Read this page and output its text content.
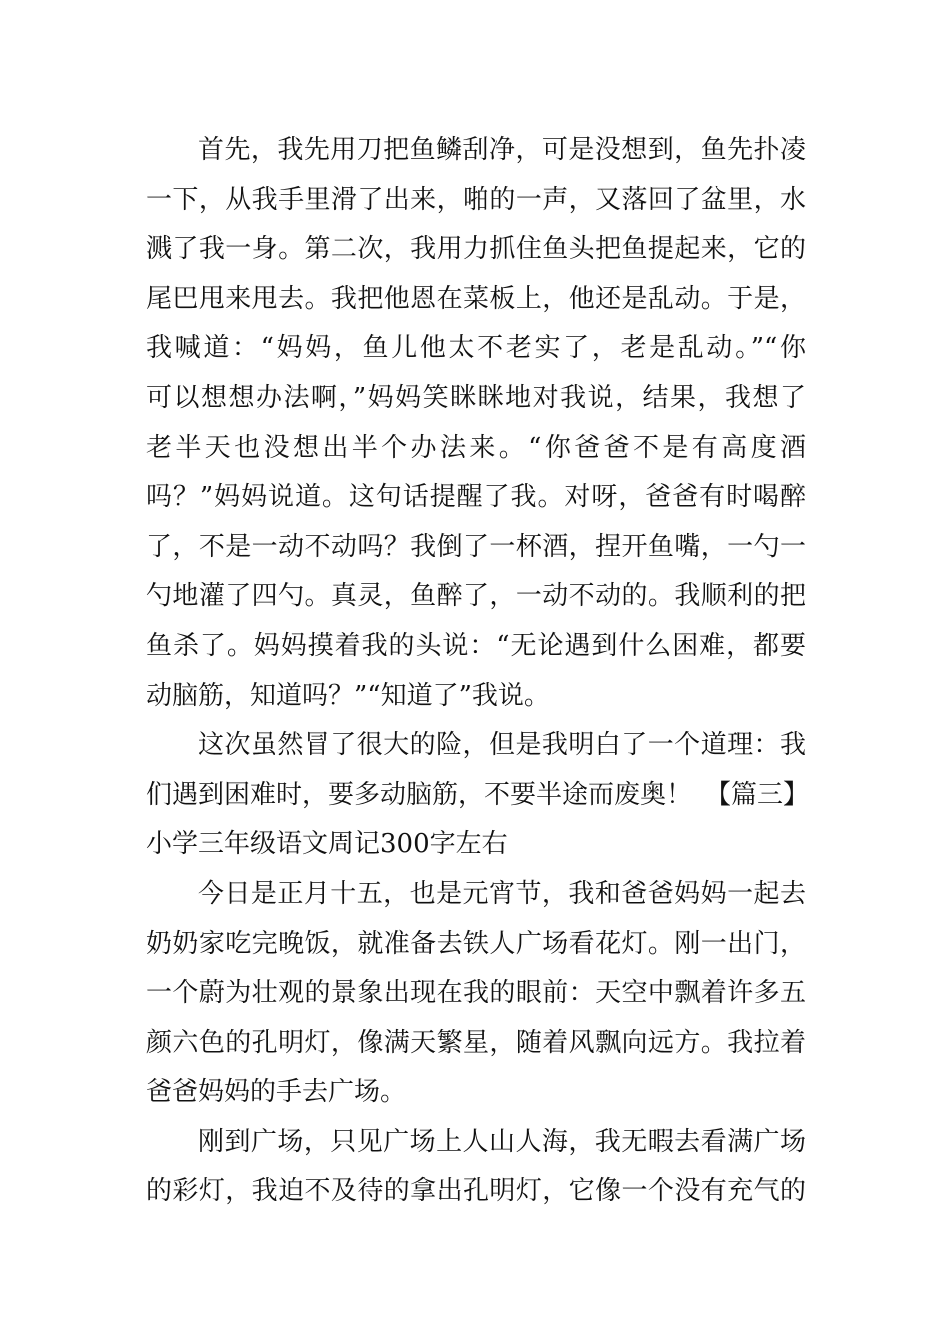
首先，我先用刀把鱼鳞刮净，可是没想到，鱼先扑凌
一下，从我手里滑了出来，啪的一声，又落回了盆里，水
溅了我一身。第二次，我用力抓住鱼头把鱼提起来，它的
尾巴甩来甩去。我把他恩在菜板上，他还是乱动。于是，
我喊道：“妈妈，鱼儿他太不老实了，老是乱动。”“你
可以想想办法啊，”妈妈笑眯眯地对我说，结果，我想了
老半天也没想出半个办法来。“你爸爸不是有高度酒
吗？”妈妈说道。这句话提醒了我。对呀，爸爸有时喝醉
了，不是一动不动吗？我倒了一杯酒，捏开鱼嘴，一勺一
勺地灌了四勺。真灵，鱼醉了，一动不动的。我顺利的把
鱼杀了。妈妈摸着我的头说：“无论遇到什么困难，都要
动脑筋，知道吗？”“知道了”我说。
这次虽然冒了很大的险，但是我明白了一个道理：我
们遇到困难时，要多动脑筋，不要半途而废奥！　【篇三】
小学三年级语文周记300字左右
今日是正月十五，也是元宵节，我和爸爸妈妈一起去
奶奶家吃完晚饭，就准备去铁人广场看花灯。刚一出门，
一个蔚为壮观的景象出现在我的眼前：天空中飘着许多五
颜六色的孔明灯，像满天繁星，随着风飘向远方。我拉着
爸爸妈妈的手去广场。
刚到广场，只见广场上人山人海，我无暇去看满广场
的彩灯，我迫不及待的拿出孔明灯，它像一个没有充气的
